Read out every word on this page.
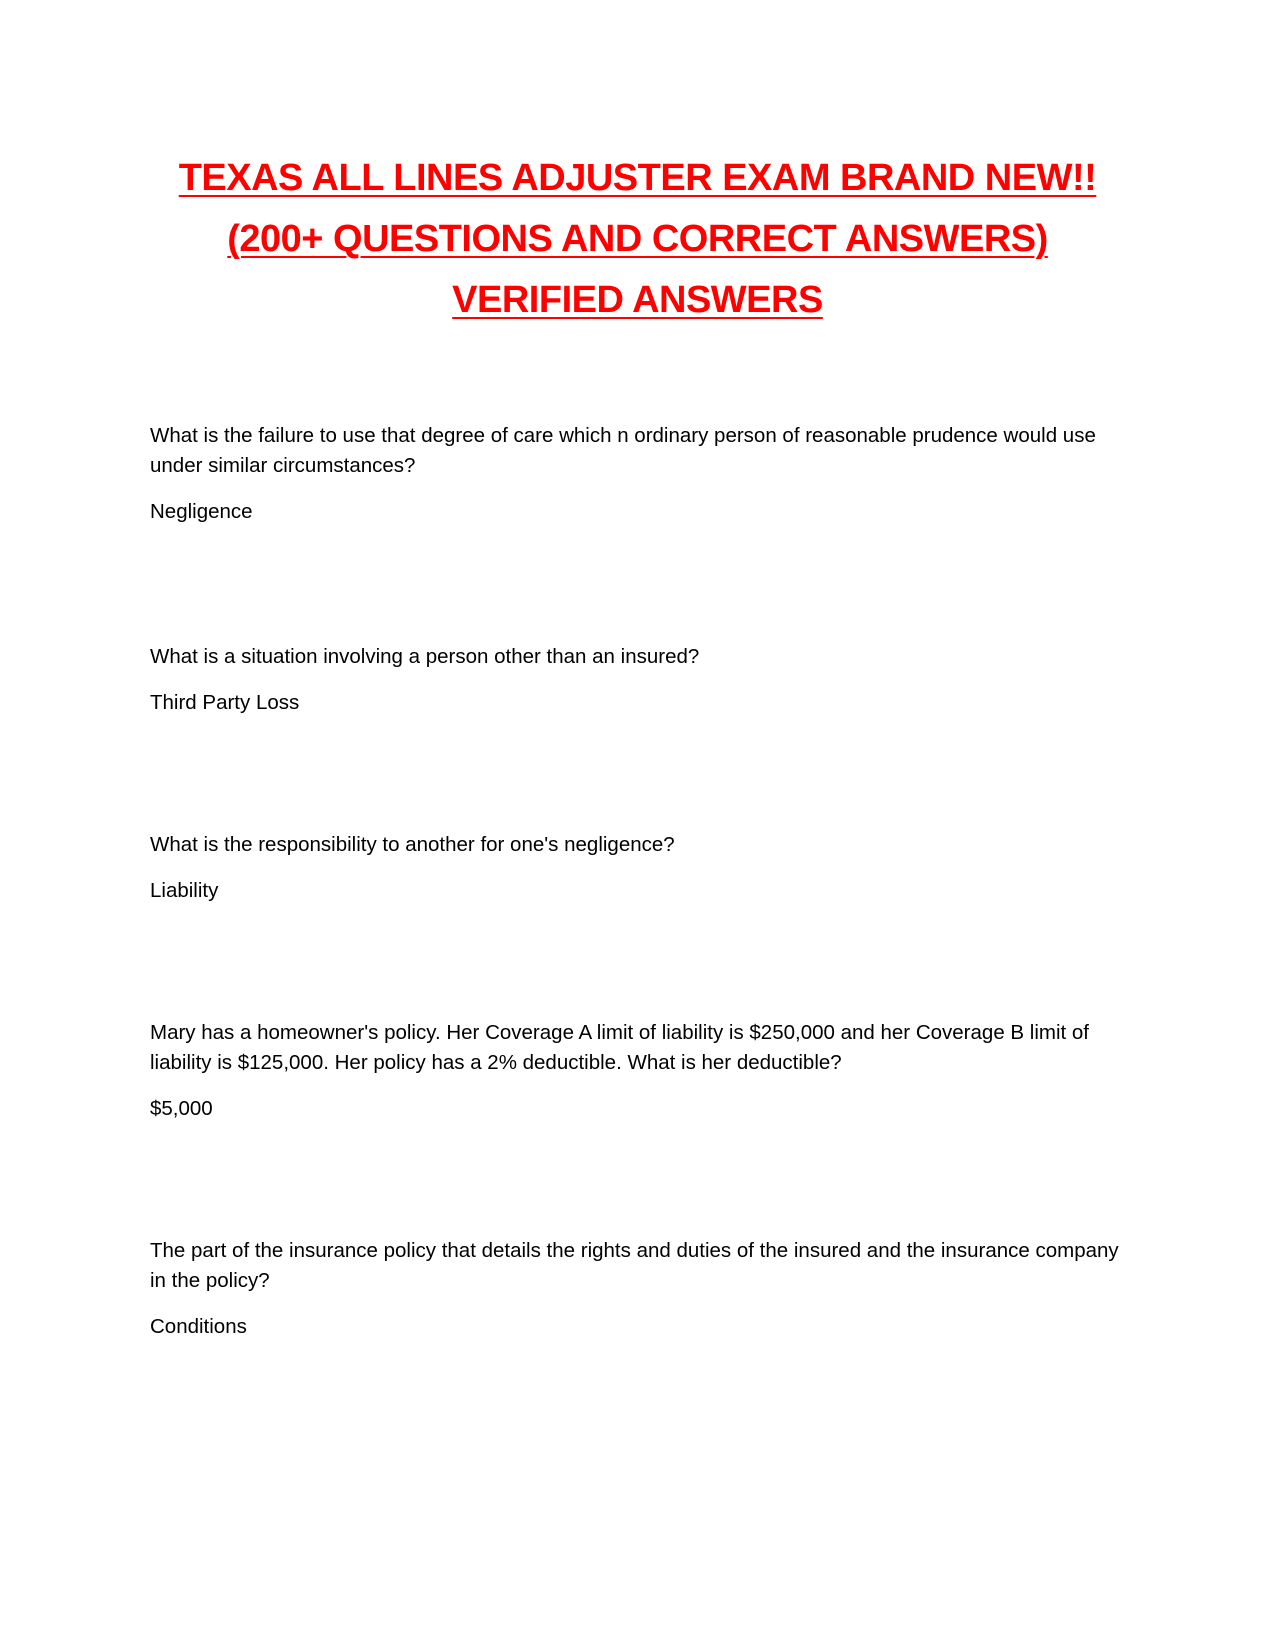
TEXAS ALL LINES ADJUSTER EXAM BRAND NEW!!
(200+ QUESTIONS AND CORRECT ANSWERS)
VERIFIED ANSWERS

What is the failure to use that degree of care which n ordinary person of reasonable prudence would use under similar circumstances?

Negligence

What is a situation involving a person other than an insured?

Third Party Loss

What is the responsibility to another for one's negligence?

Liability

Mary has a homeowner's policy. Her Coverage A limit of liability is $250,000 and her Coverage B limit of liability is $125,000. Her policy has a 2% deductible. What is her deductible?

$5,000

The part of the insurance policy that details the rights and duties of the insured and the insurance company in the policy?

Conditions
